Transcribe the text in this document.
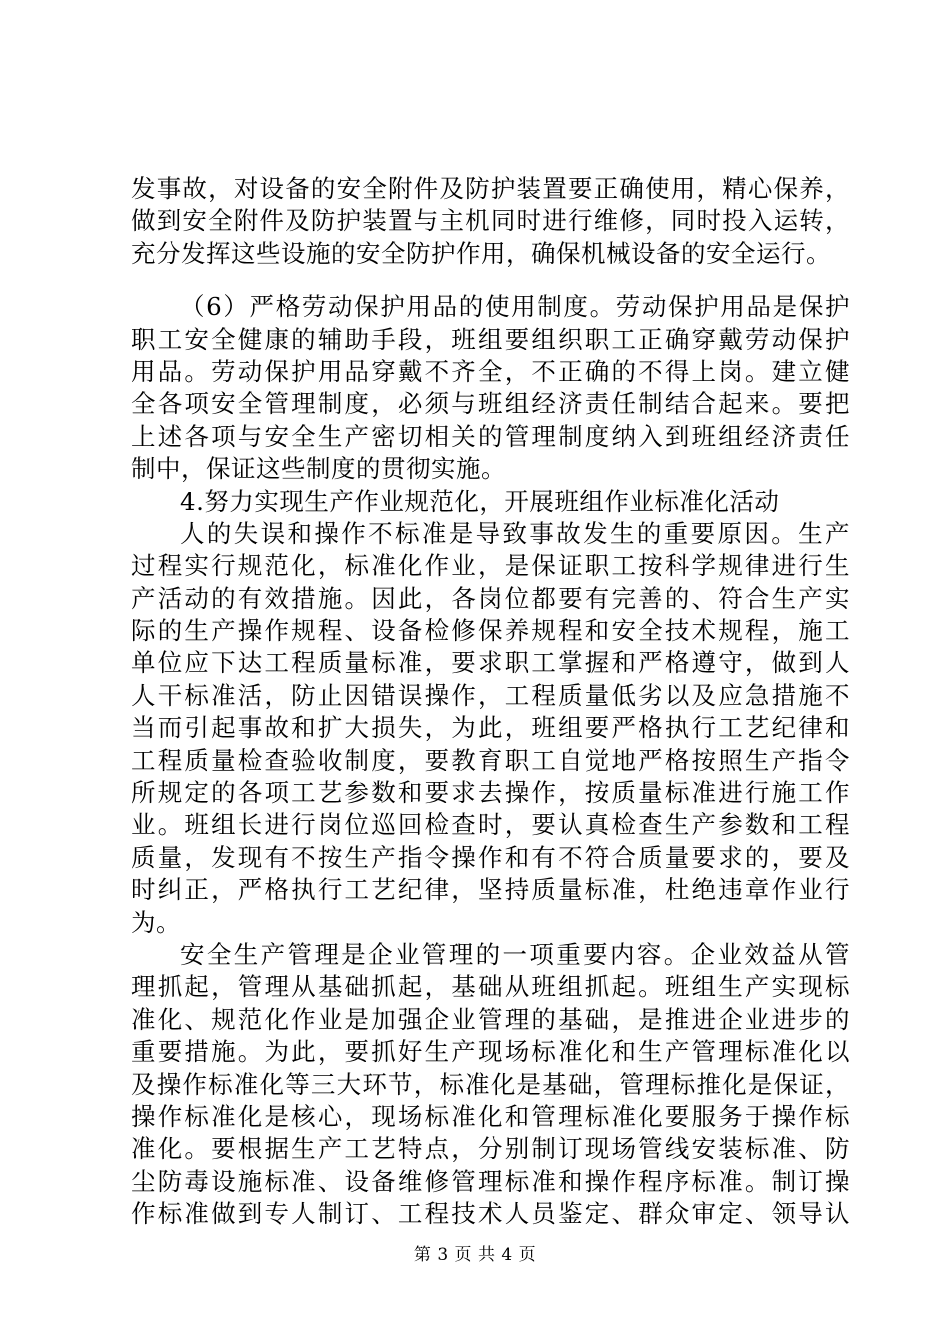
发事故，对设备的安全附件及防护装置要正确使用，精心保养，
做到安全附件及防护装置与主机同时进行维修，同时投入运转，
充分发挥这些设施的安全防护作用，确保机械设备的安全运行。
（6）严格劳动保护用品的使用制度。劳动保护用品是保护
职工安全健康的辅助手段，班组要组织职工正确穿戴劳动保护
用品。劳动保护用品穿戴不齐全，不正确的不得上岗。建立健
全各项安全管理制度，必须与班组经济责任制结合起来。要把
上述各项与安全生产密切相关的管理制度纳入到班组经济责任
制中，保证这些制度的贯彻实施。
4.努力实现生产作业规范化，开展班组作业标准化活动
人的失误和操作不标准是导致事故发生的重要原因。生产
过程实行规范化，标准化作业，是保证职工按科学规律进行生
产活动的有效措施。因此，各岗位都要有完善的、符合生产实
际的生产操作规程、设备检修保养规程和安全技术规程，施工
单位应下达工程质量标准，要求职工掌握和严格遵守，做到人
人干标准活，防止因错误操作，工程质量低劣以及应急措施不
当而引起事故和扩大损失，为此，班组要严格执行工艺纪律和
工程质量检查验收制度，要教育职工自觉地严格按照生产指令
所规定的各项工艺参数和要求去操作，按质量标准进行施工作
业。班组长进行岗位巡回检查时，要认真检查生产参数和工程
质量，发现有不按生产指令操作和有不符合质量要求的，要及
时纠正，严格执行工艺纪律，坚持质量标准，杜绝违章作业行
为。
安全生产管理是企业管理的一项重要内容。企业效益从管
理抓起，管理从基础抓起，基础从班组抓起。班组生产实现标
准化、规范化作业是加强企业管理的基础，是推进企业进步的
重要措施。为此，要抓好生产现场标准化和生产管理标准化以
及操作标准化等三大环节，标准化是基础，管理标推化是保证，
操作标准化是核心，现场标准化和管理标准化要服务于操作标
准化。要根据生产工艺特点，分别制订现场管线安装标准、防
尘防毒设施标准、设备维修管理标准和操作程序标准。制订操
作标准做到专人制订、工程技术人员鉴定、群众审定、领导认
第 3 页 共 4 页
